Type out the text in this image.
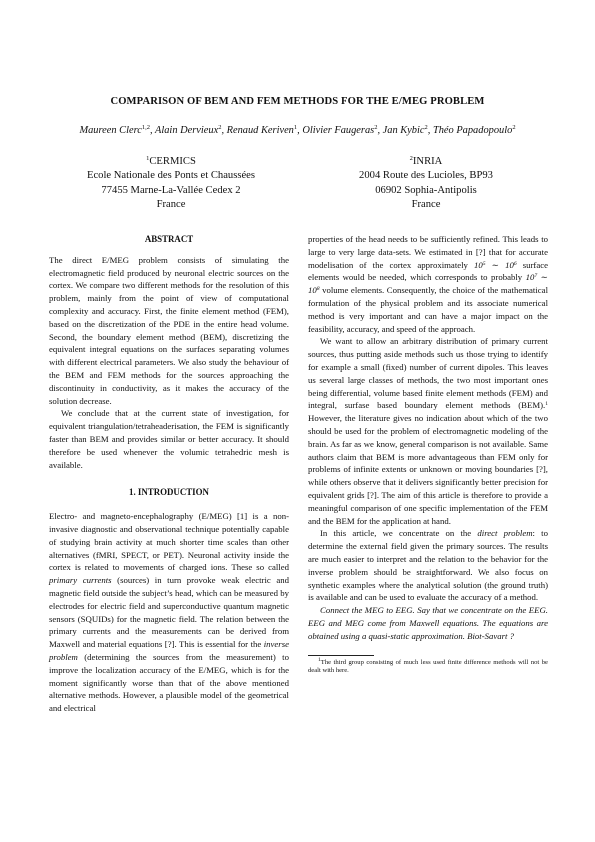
COMPARISON OF BEM AND FEM METHODS FOR THE E/MEG PROBLEM
Maureen Clerc$^{1,2}$, Alain Dervieux$^2$, Renaud Keriven$^1$, Olivier Faugeras$^2$, Jan Kybic$^2$, Théo Papadopoulo$^2$
$^1$CERMICS
Ecole Nationale des Ponts et Chaussées
77455 Marne-La-Vallée Cedex 2
France
$^2$INRIA
2004 Route des Lucioles, BP93
06902 Sophia-Antipolis
France
ABSTRACT

The direct E/MEG problem consists of simulating the electromagnetic field produced by neuronal electric sources on the cortex. We compare two different methods for the resolution of this problem, mainly from the point of view of computational complexity and accuracy. First, the finite element method (FEM), based on the discretization of the PDE in the entire head volume. Second, the boundary element method (BEM), discretizing the equivalent integral equations on the surfaces separating volumes with different electrical parameters. We also study the behaviour of the BEM and FEM methods for the sources approaching the discontinuity in conductivity, as it makes the accuracy of the solution decrease.

We conclude that at the current state of investigation, for equivalent triangulation/tetraheaderisation, the FEM is significantly faster than BEM and provides similar or better accuracy. It should therefore be used whenever the volumic tetrahedric mesh is available.

1. INTRODUCTION

Electro- and magneto-encephalography (E/MEG) [1] is a non-invasive diagnostic and observational technique potentially capable of studying brain activity at much shorter time scales than other alternatives (fMRI, SPECT, or PET). Neuronal activity inside the cortex is related to movements of charged ions. These so called primary currents (sources) in turn provoke weak electric and magnetic field outside the subject’s head, which can be measured by electrodes for electric field and superconductive quantum magnetic sensors (SQUIDs) for the magnetic field. The relation between the primary currents and the measurements can be derived from Maxwell and material equations [?]. This is essential for the inverse problem (determining the sources from the measurement) to improve the localization accuracy of the E/MEG, which is for the moment significantly worse than that of the above mentioned alternative methods. However, a plausible model of the geometrical and electrical

properties of the head needs to be sufficiently refined. This leads to large to very large data-sets. We estimated in [?] that for accurate modelisation of the cortex approximately $10^5$ ∼ $10^6$ surface elements would be needed, which corresponds to probably $10^7$ ∼ $10^8$ volume elements. Consequently, the choice of the mathematical formulation of the physical problem and its associate numerical method is very important and can have a major impact on the feasibility, accuracy, and speed of the approach.

We want to allow an arbitrary distribution of primary current sources, thus putting aside methods such us those trying to identify for example a small (fixed) number of current dipoles. This leaves us several large classes of methods, the two most important ones being differential, volume based finite element methods (FEM) and integral, surfase based boundary element methods (BEM).$^1$ However, the literature gives no indication about which of the two should be used for the problem of electromagnetic modeling of the brain. As far as we know, general comparison is not available. Same authors claim that BEM is more advantageous than FEM only for problems of infinite extents or unknown or moving boundaries [?], while others observe that it delivers significantly better precision for equivalent grids [?]. The aim of this article is therefore to provide a meaningful comparison of one specific implementation of the FEM and the BEM for the application at hand.

In this article, we concentrate on the direct problem: to determine the external field given the primary sources. The results are much easier to interpret and the relation to the behavior for the inverse problem should be straightforward. We also focus on synthetic examples where the analytical solution (the ground truth) is available and can be used to evaluate the accuracy of a method.

Connect the MEG to EEG. Say that we concentrate on the EEG. EEG and MEG come from Maxwell equations. The equations are obtained using a quasi-static approximation. Biot-Savart ?

$^1$The third group consisting of much less used finite difference methods will not be dealt with here.
